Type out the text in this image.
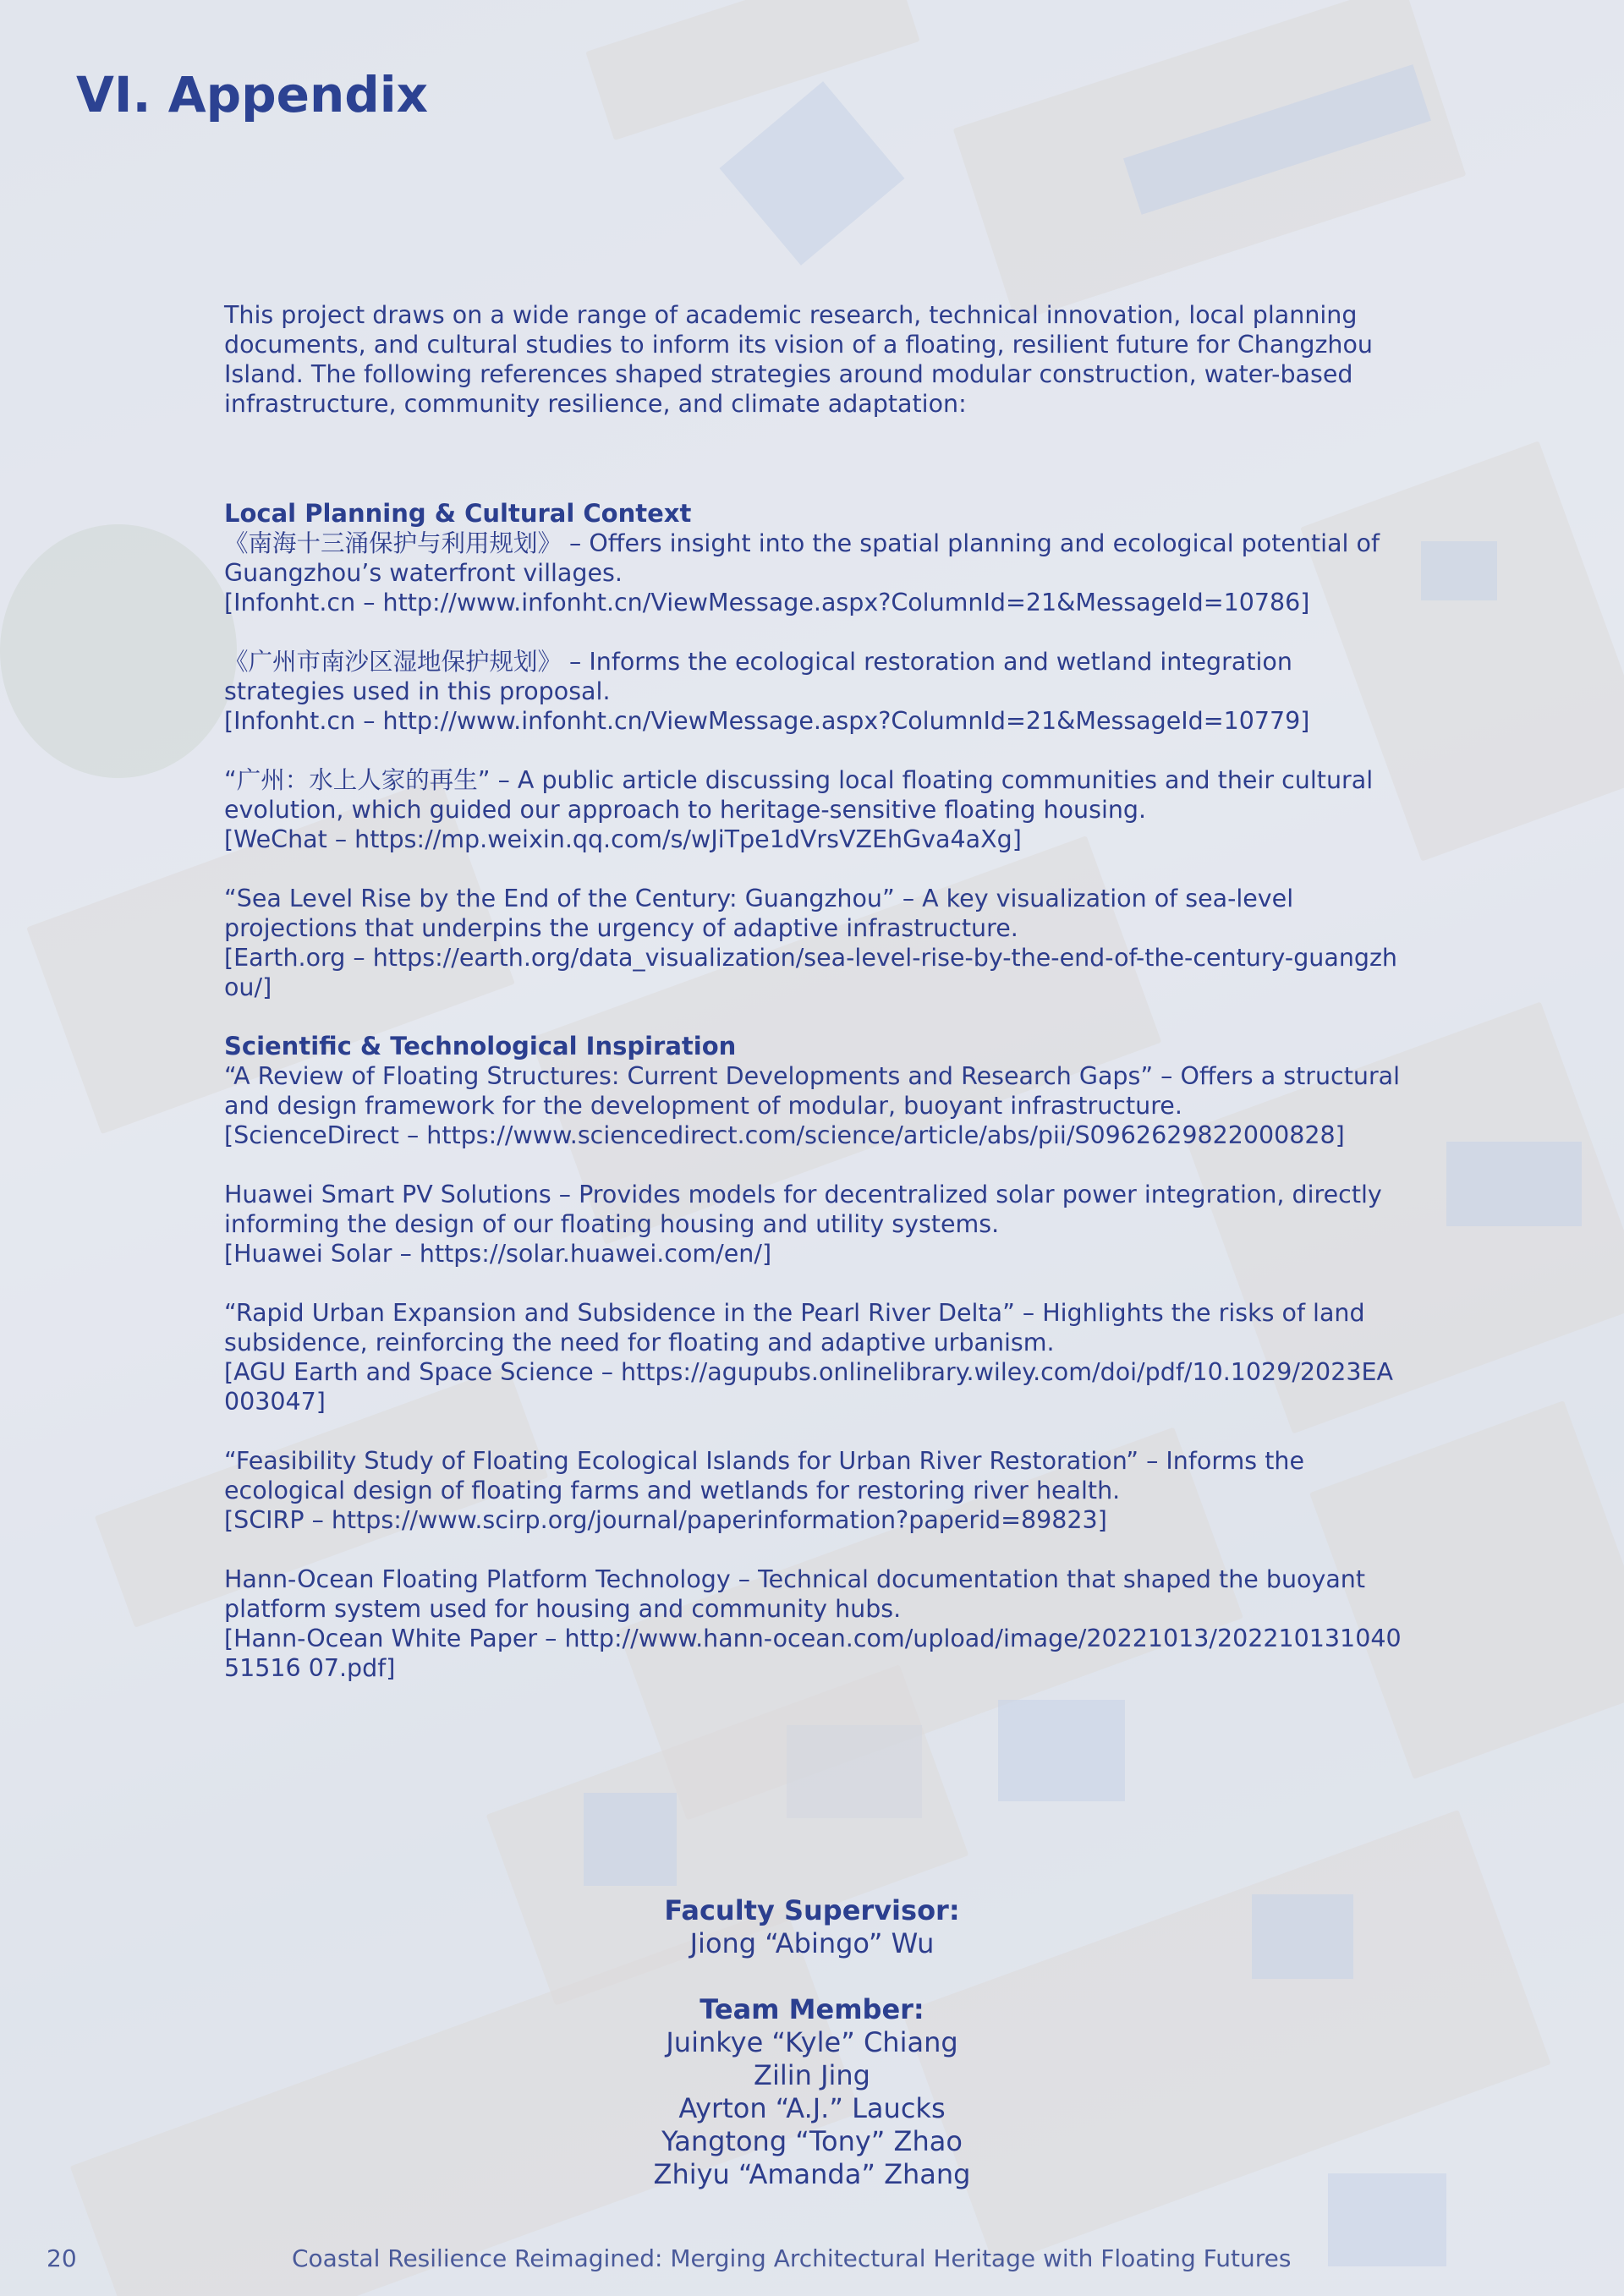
VI. Appendix

This project draws on a wide range of academic research, technical innovation, local planning documents, and cultural studies to inform its vision of a floating, resilient future for Changzhou Island. The following references shaped strategies around modular construction, water-based infrastructure, community resilience, and climate adaptation:

Local Planning & Cultural Context
《南海十三涌保护与利用规划》 – Offers insight into the spatial planning and ecological potential of Guangzhou’s waterfront villages.
[Infonht.cn – http://www.infonht.cn/ViewMessage.aspx?ColumnId=21&MessageId=10786]
《广州市南沙区湿地保护规划》 – Informs the ecological restoration and wetland integration strategies used in this proposal.
[Infonht.cn – http://www.infonht.cn/ViewMessage.aspx?ColumnId=21&MessageId=10779]
“广州：水上人家的再生” – A public article discussing local floating communities and their cultural evolution, which guided our approach to heritage-sensitive floating housing.
[WeChat – https://mp.weixin.qq.com/s/wJiTpe1dVrsVZEhGva4aXg]
“Sea Level Rise by the End of the Century: Guangzhou” – A key visualization of sea-level projections that underpins the urgency of adaptive infrastructure.
[Earth.org – https://earth.org/data_visualization/sea-level-rise-by-the-end-of-the-century-guangzhou/]
Scientific & Technological Inspiration
“A Review of Floating Structures: Current Developments and Research Gaps” – Offers a structural and design framework for the development of modular, buoyant infrastructure.
[ScienceDirect – https://www.sciencedirect.com/science/article/abs/pii/S0962629822000828]
Huawei Smart PV Solutions – Provides models for decentralized solar power integration, directly informing the design of our floating housing and utility systems.
[Huawei Solar – https://solar.huawei.com/en/]
“Rapid Urban Expansion and Subsidence in the Pearl River Delta” – Highlights the risks of land subsidence, reinforcing the need for floating and adaptive urbanism.
[AGU Earth and Space Science – https://agupubs.onlinelibrary.wiley.com/doi/pdf/10.1029/2023EA003047]
“Feasibility Study of Floating Ecological Islands for Urban River Restoration” – Informs the ecological design of floating farms and wetlands for restoring river health.
[SCIRP – https://www.scirp.org/journal/paperinformation?paperid=89823]
Hann-Ocean Floating Platform Technology – Technical documentation that shaped the buoyant platform system used for housing and community hubs.
[Hann-Ocean White Paper – http://www.hann-ocean.com/upload/image/20221013/20221013104051516 07.pdf]
Faculty Supervisor:
Jiong “Abingo” Wu
Team Member:
Juinkye “Kyle” Chiang
Zilin Jing
Ayrton “A.J.” Laucks
Yangtong “Tony” Zhao
Zhiyu “Amanda” Zhang
20	Coastal Resilience Reimagined: Merging Architectural Heritage with Floating Futures
